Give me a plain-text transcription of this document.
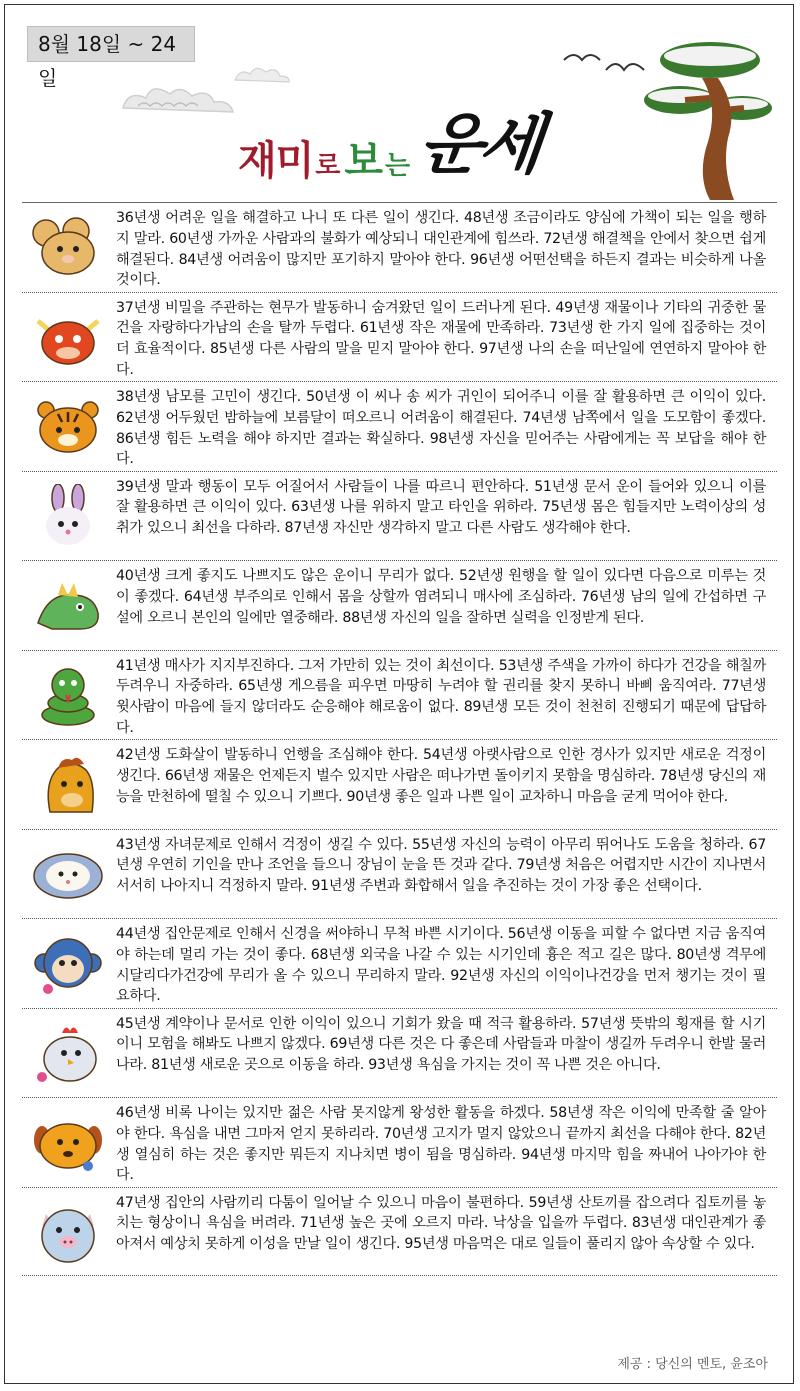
8월 18일 ~ 24일
재미 로 보 는 운세
36년생 어려운 일을 해결하고 나니 또 다른 일이 생긴다. 48년생 조금이라도 양심에 가책이 되는 일을 행하지 말라. 60년생 가까운 사람과의 불화가 예상되니 대인관계에 힘쓰라. 72년생 해결책을 안에서 찾으면 쉽게 해결된다. 84년생 어려움이 많지만 포기하지 말아야 한다. 96년생 어떤선택을 하든지 결과는 비슷하게 나올 것이다.
37년생 비밀을 주관하는 현무가 발동하니 숨겨왔던 일이 드러나게 된다. 49년생 재물이나 기타의 귀중한 물건을 자랑하다가남의 손을 탈까 두렵다. 61년생 작은 재물에 만족하라. 73년생 한 가지 일에 집중하는 것이 더 효율적이다. 85년생 다른 사람의 말을 믿지 말아야 한다. 97년생 나의 손을 떠난일에 연연하지 말아야 한다.
38년생 남모를 고민이 생긴다. 50년생 이 씨나 송 씨가 귀인이 되어주니 이를 잘 활용하면 큰 이익이 있다. 62년생 어두웠던 밤하늘에 보름달이 떠오르니 어려움이 해결된다. 74년생 남쪽에서 일을 도모함이 좋겠다. 86년생 힘든 노력을 해야 하지만 결과는 확실하다. 98년생 자신을 믿어주는 사람에게는 꼭 보답을 해야 한다.
39년생 말과 행동이 모두 어질어서 사람들이 나를 따르니 편안하다. 51년생 문서 운이 들어와 있으니 이를 잘 활용하면 큰 이익이 있다. 63년생 나를 위하지 말고 타인을 위하라. 75년생 몸은 힘들지만 노력이상의 성취가 있으니 최선을 다하라. 87년생 자신만 생각하지 말고 다른 사람도 생각해야 한다.
40년생 크게 좋지도 나쁘지도 않은 운이니 무리가 없다. 52년생 원행을 할 일이 있다면 다음으로 미루는 것이 좋겠다. 64년생 부주의로 인해서 몸을 상할까 염려되니 매사에 조심하라. 76년생 남의 일에 간섭하면 구설에 오르니 본인의 일에만 열중해라. 88년생 자신의 일을 잘하면 실력을 인정받게 된다.
41년생 매사가 지지부진하다. 그저 가만히 있는 것이 최선이다. 53년생 주색을 가까이 하다가 건강을 해칠까 두려우니 자중하라. 65년생 게으름을 피우면 마땅히 누려야 할 권리를 찾지 못하니 바삐 움직여라. 77년생 윗사람이 마음에 들지 않더라도 순응해야 해로움이 없다. 89년생 모든 것이 천천히 진행되기 때문에 답답하다.
42년생 도화살이 발동하니 언행을 조심해야 한다. 54년생 아랫사람으로 인한 경사가 있지만 새로운 걱정이 생긴다. 66년생 재물은 언제든지 벌수 있지만 사람은 떠나가면 돌이키지 못함을 명심하라. 78년생 당신의 재능을 만천하에 떨칠 수 있으니 기쁘다. 90년생 좋은 일과 나쁜 일이 교차하니 마음을 굳게 먹어야 한다.
43년생 자녀문제로 인해서 걱정이 생길 수 있다. 55년생 자신의 능력이 아무리 뛰어나도 도움을 청하라. 67년생 우연히 기인을 만나 조언을 들으니 장님이 눈을 뜬 것과 같다. 79년생 처음은 어렵지만 시간이 지나면서 서서히 나아지니 걱정하지 말라. 91년생 주변과 화합해서 일을 추진하는 것이 가장 좋은 선택이다.
44년생 집안문제로 인해서 신경을 써야하니 무척 바쁜 시기이다. 56년생 이동을 피할 수 없다면 지금 움직여야 하는데 멀리 가는 것이 좋다. 68년생 외국을 나갈 수 있는 시기인데 흉은 적고 길은 많다. 80년생 격무에 시달리다가건강에 무리가 올 수 있으니 무리하지 말라. 92년생 자신의 이익이나건강을 먼저 챙기는 것이 필요하다.
45년생 계약이나 문서로 인한 이익이 있으니 기회가 왔을 때 적극 활용하라. 57년생 뜻밖의 횡재를 할 시기이니 모험을 해봐도 나쁘지 않겠다. 69년생 다른 것은 다 좋은데 사람들과 마찰이 생길까 두려우니 한발 물러나라. 81년생 새로운 곳으로 이동을 하라. 93년생 욕심을 가지는 것이 꼭 나쁜 것은 아니다.
46년생 비록 나이는 있지만 젊은 사람 못지않게 왕성한 활동을 하겠다. 58년생 작은 이익에 만족할 줄 알아야 한다. 욕심을 내면 그마저 얻지 못하리라. 70년생 고지가 멀지 않았으니 끝까지 최선을 다해야 한다. 82년생 열심히 하는 것은 좋지만 뭐든지 지나치면 병이 됨을 명심하라. 94년생 마지막 힘을 짜내어 나아가야 한다.
47년생 집안의 사람끼리 다툼이 일어날 수 있으니 마음이 불편하다. 59년생 산토끼를 잡으려다 집토끼를 놓치는 형상이니 욕심을 버려라. 71년생 높은 곳에 오르지 마라. 낙상을 입을까 두렵다. 83년생 대인관계가 좋아져서 예상치 못하게 이성을 만날 일이 생긴다. 95년생 마음먹은 대로 일들이 풀리지 않아 속상할 수 있다.
제공 : 당신의 멘토, 윤조아
